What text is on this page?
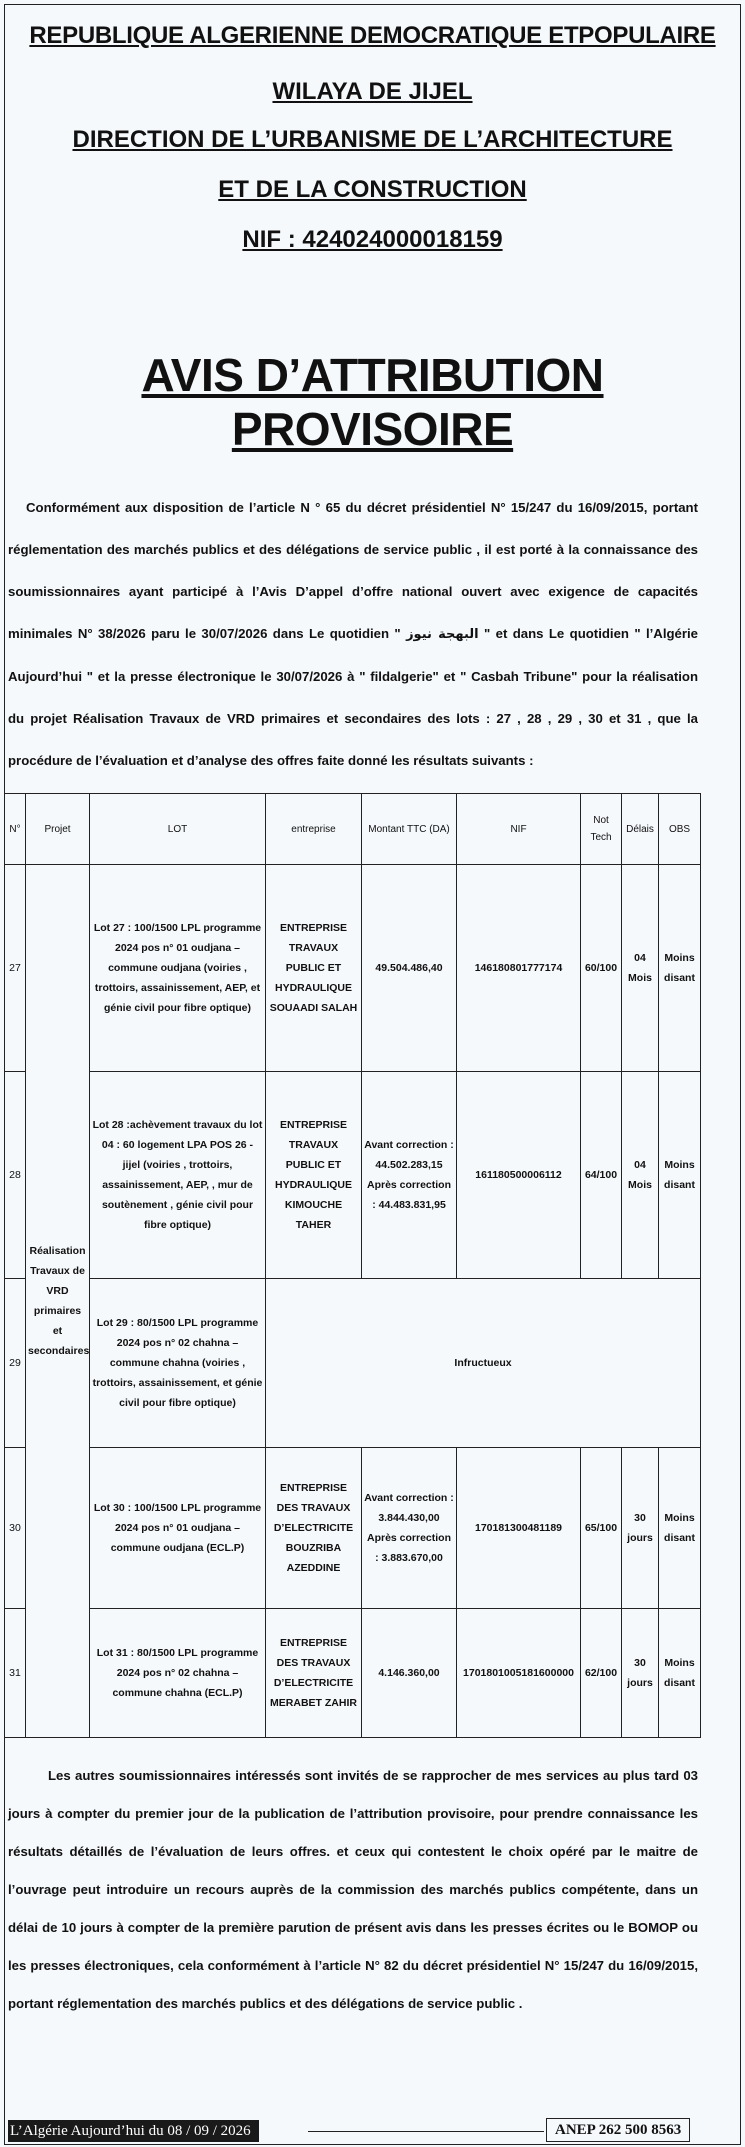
REPUBLIQUE ALGERIENNE DEMOCRATIQUE ETPOPULAIRE
WILAYA DE JIJEL
DIRECTION DE L’URBANISME DE L’ARCHITECTURE
ET DE LA CONSTRUCTION
NIF : 424024000018159
AVIS D’ATTRIBUTION PROVISOIRE
Conformément aux disposition de l’article N ° 65 du décret présidentiel N° 15/247 du 16/09/2015, portant réglementation des marchés publics et des délégations de service public , il est porté à la connaissance des soumissionnaires ayant participé à l’Avis D’appel d’offre national ouvert avec exigence de capacités minimales N° 38/2026 paru le 30/07/2026 dans Le quotidien " البهجة نيوز " et dans Le quotidien " l’Algérie Aujourd’hui " et la presse électronique le 30/07/2026 à " fildalgerie" et " Casbah Tribune" pour la réalisation du projet Réalisation Travaux de VRD primaires et secondaires des lots : 27 , 28 , 29 , 30 et 31 , que la procédure de l’évaluation et d’analyse des offres faite donné les résultats suivants :
N°	Projet	LOT	entreprise	Montant TTC (DA)	NIF	Not Tech	Délais	OBS
27	Réalisation Travaux de VRD primaires et secondaires	Lot 27 : 100/1500 LPL programme 2024 pos n° 01 oudjana – commune oudjana (voiries , trottoirs, assainissement, AEP, et génie civil pour fibre optique)	ENTREPRISE TRAVAUX PUBLIC ET HYDRAULIQUE SOUAADI SALAH	49.504.486,40	146180801777174	60/100	04 Mois	Moins disant
28		Lot 28 :achèvement travaux du lot 04 : 60 logement LPA POS 26 - jijel (voiries , trottoirs, assainissement, AEP, , mur de soutènement , génie civil pour fibre optique)	ENTREPRISE TRAVAUX PUBLIC ET HYDRAULIQUE KIMOUCHE TAHER	Avant correction : 44.502.283,15 Après correction : 44.483.831,95	161180500006112	64/100	04 Mois	Moins disant
29		Lot 29 : 80/1500 LPL programme 2024 pos n° 02 chahna – commune chahna (voiries , trottoirs, assainissement, et génie civil pour fibre optique)	Infructueux					
30		Lot 30 : 100/1500 LPL programme 2024 pos n° 01 oudjana – commune oudjana (ECL.P)	ENTREPRISE DES TRAVAUX D’ELECTRICITE BOUZRIBA AZEDDINE	Avant correction : 3.844.430,00 Après correction : 3.883.670,00	170181300481189	65/100	30 jours	Moins disant
31		Lot 31 : 80/1500 LPL programme 2024 pos n° 02 chahna – commune chahna (ECL.P)	ENTREPRISE DES TRAVAUX D’ELECTRICITE MERABET ZAHIR	4.146.360,00	1701801005181600000	62/100	30 jours	Moins disant
Les autres soumissionnaires intéressés sont invités de se rapprocher de mes services au plus tard 03 jours à compter du premier jour de la publication de l’attribution provisoire, pour prendre connaissance les résultats détaillés de l’évaluation de leurs offres. et ceux qui contestent le choix opéré par le maitre de l’ouvrage peut introduire un recours auprès de la commission des marchés publics compétente, dans un délai de 10 jours à compter de la première parution de présent avis dans les presses écrites ou le BOMOP ou les presses électroniques, cela conformément à l’article N° 82 du décret présidentiel N° 15/247 du 16/09/2015, portant réglementation des marchés publics et des délégations de service public .
L’Algérie Aujourd’hui du 08 / 09 / 2026	ANEP 262 500 8563
